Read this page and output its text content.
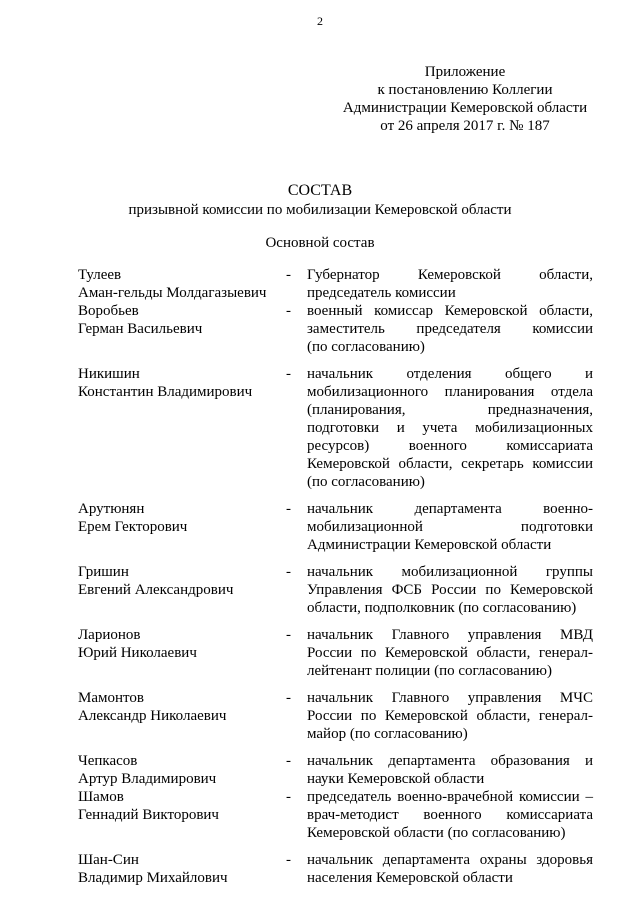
2
Приложение
к постановлению Коллегии
Администрации Кемеровской области
от 26 апреля 2017 г. № 187
СОСТАВ
призывной комиссии по мобилизации Кемеровской области
Основной состав
Тулеев
Аман-гельды Молдагазыевич
-	Губернатор Кемеровской области,
председатель комиссии
Воробьев
Герман Васильевич
-	военный комиссар Кемеровской области,
заместитель председателя комиссии
(по согласованию)
Никишин
Константин Владимирович
-	начальник отделения общего и
мобилизационного планирования отдела
(планирования, предназначения,
подготовки и учета мобилизационных
ресурсов) военного комиссариата
Кемеровской области, секретарь комиссии
(по согласованию)
Арутюнян
Ерем Гекторович
-	начальник департамента военно-
мобилизационной подготовки
Администрации Кемеровской области
Гришин
Евгений Александрович
-	начальник мобилизационной группы
Управления ФСБ России по Кемеровской
области, подполковник (по согласованию)
Ларионов
Юрий Николаевич
-	начальник Главного управления МВД
России по Кемеровской области, генерал-
лейтенант полиции (по согласованию)
Мамонтов
Александр Николаевич
-	начальник Главного управления МЧС
России по Кемеровской области, генерал-
майор (по согласованию)
Чепкасов
Артур Владимирович
-	начальник департамента образования и
науки Кемеровской области
Шамов
Геннадий Викторович
-	председатель военно-врачебной комиссии –
врач-методист военного комиссариата
Кемеровской области (по согласованию)
Шан-Син
Владимир Михайлович
-	начальник департамента охраны здоровья
населения Кемеровской области
